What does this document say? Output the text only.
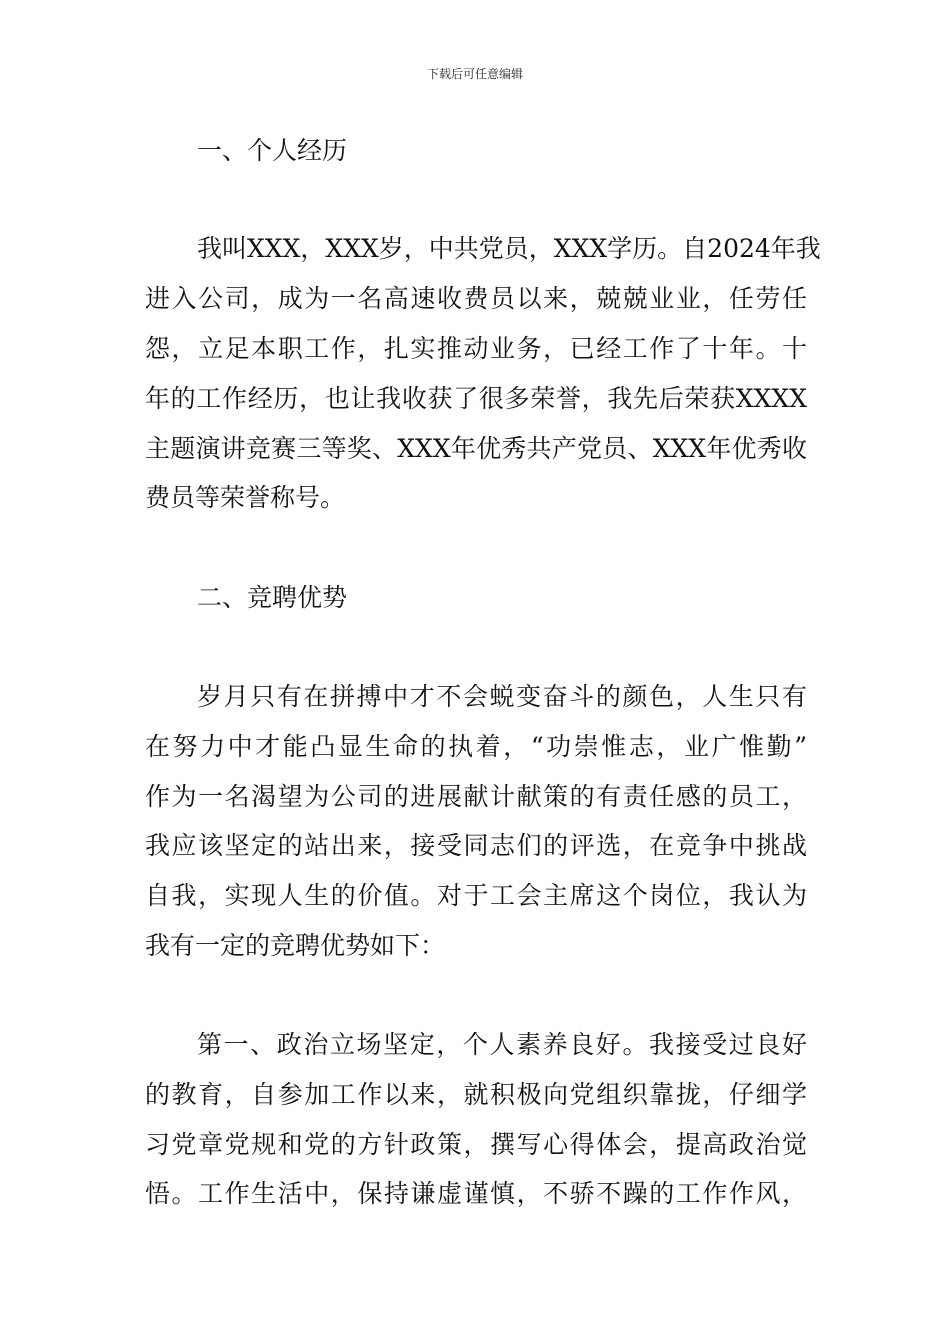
下载后可任意编辑
一、个人经历
我叫XXX，XXX岁，中共党员，XXX学历。自2024年我
进入公司，成为一名高速收费员以来，兢兢业业，任劳任
怨，立足本职工作，扎实推动业务，已经工作了十年。十
年的工作经历，也让我收获了很多荣誉，我先后荣获XXXX
主题演讲竞赛三等奖、XXX年优秀共产党员、XXX年优秀收
费员等荣誉称号。
二、竞聘优势
岁月只有在拼搏中才不会蜕变奋斗的颜色，人生只有
在努力中才能凸显生命的执着，“功崇惟志，业广惟勤”
作为一名渴望为公司的进展献计献策的有责任感的员工，
我应该坚定的站出来，接受同志们的评选，在竞争中挑战
自我，实现人生的价值。对于工会主席这个岗位，我认为
我有一定的竞聘优势如下：
第一、政治立场坚定，个人素养良好。我接受过良好
的教育，自参加工作以来，就积极向党组织靠拢，仔细学
习党章党规和党的方针政策，撰写心得体会，提高政治觉
悟。工作生活中，保持谦虚谨慎，不骄不躁的工作作风，
